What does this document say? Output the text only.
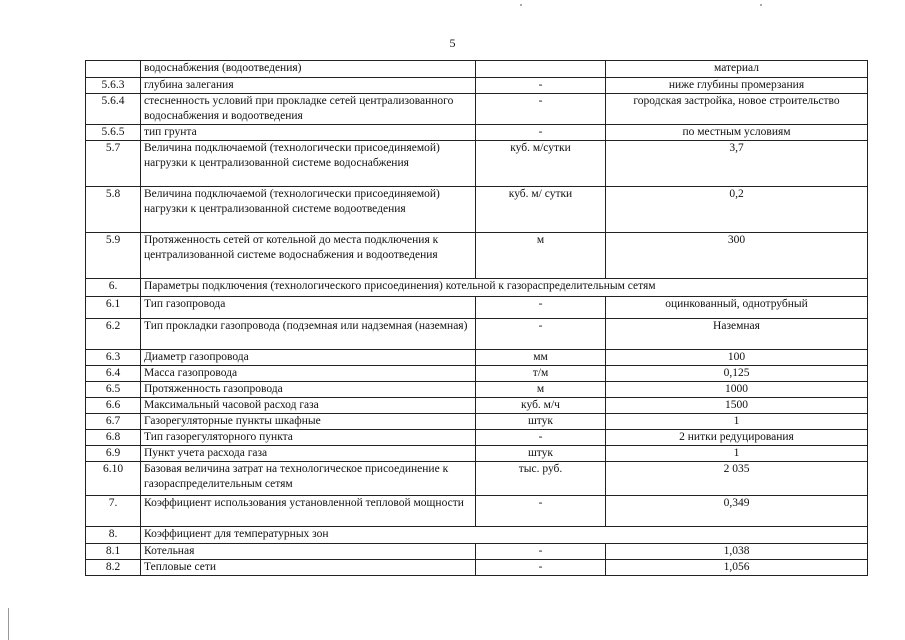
5
	водоснабжения (водоотведения)		материал
5.6.3	глубина залегания	-	ниже глубины промерзания
5.6.4	стесненность условий при прокладке сетей централизованного водоснабжения и водоотведения	-	городская застройка, новое строительство
5.6.5	тип грунта	-	по местным условиям
5.7	Величина подключаемой (технологически присоединяемой) нагрузки к централизованной системе водоснабжения	куб. м/сутки	3,7
5.8	Величина подключаемой (технологически присоединяемой) нагрузки к централизованной системе водоотведения	куб. м/ сутки	0,2
5.9	Протяженность сетей от котельной до места подключения к централизованной системе водоснабжения и водоотведения	м	300
6.	Параметры подключения (технологического присоединения) котельной к газораспределительным сетям		
6.1	Тип газопровода	-	оцинкованный, однотрубный
6.2	Тип прокладки газопровода (подземная или надземная (наземная)	-	Наземная
6.3	Диаметр газопровода	мм	100
6.4	Масса газопровода	т/м	0,125
6.5	Протяженность газопровода	м	1000
6.6	Максимальный часовой расход газа	куб. м/ч	1500
6.7	Газорегуляторные пункты шкафные	штук	1
6.8	Тип газорегуляторного пункта	-	2 нитки редуцирования
6.9	Пункт учета расхода газа	штук	1
6.10	Базовая величина затрат на технологическое присоединение к газораспределительным сетям	тыс. руб.	2 035
7.	Коэффициент использования установленной тепловой мощности	-	0,349
8.	Коэффициент для температурных зон		
8.1	Котельная	-	1,038
8.2	Тепловые сети	-	1,056
